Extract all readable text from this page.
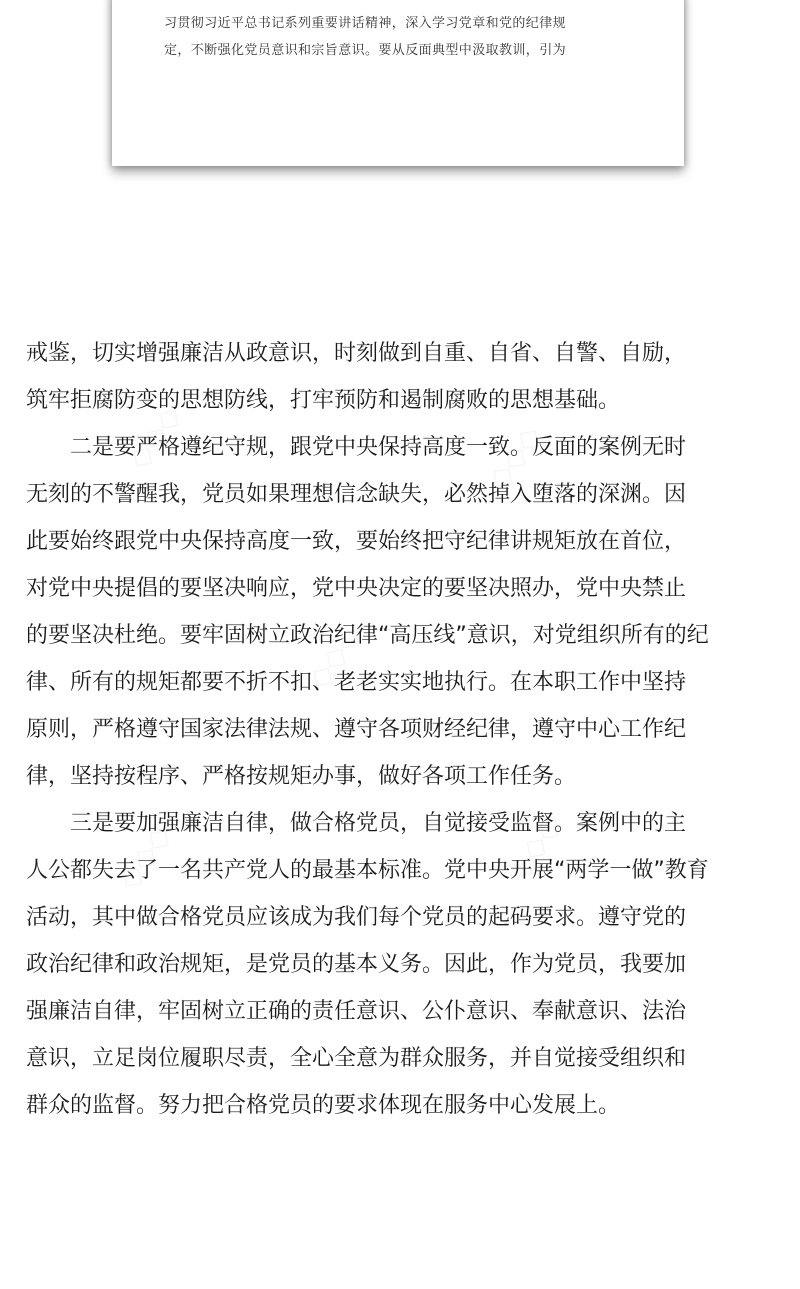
习贯彻习近平总书记系列重要讲话精神，深入学习党章和党的纪律规
定，不断强化党员意识和宗旨意识。要从反面典型中汲取教训，引为
戒鉴，切实增强廉洁从政意识，时刻做到自重、自省、自警、自励，
筑牢拒腐防变的思想防线，打牢预防和遏制腐败的思想基础。
　　二是要严格遵纪守规，跟党中央保持高度一致。反面的案例无时
无刻的不警醒我，党员如果理想信念缺失，必然掉入堕落的深渊。因
此要始终跟党中央保持高度一致，要始终把守纪律讲规矩放在首位，
对党中央提倡的要坚决响应，党中央决定的要坚决照办，党中央禁止
的要坚决杜绝。要牢固树立政治纪律“高压线”意识，对党组织所有的纪
律、所有的规矩都要不折不扣、老老实实地执行。在本职工作中坚持
原则，严格遵守国家法律法规、遵守各项财经纪律，遵守中心工作纪
律，坚持按程序、严格按规矩办事，做好各项工作任务。
　　三是要加强廉洁自律，做合格党员，自觉接受监督。案例中的主
人公都失去了一名共产党人的最基本标准。党中央开展“两学一做”教育
活动，其中做合格党员应该成为我们每个党员的起码要求。遵守党的
政治纪律和政治规矩，是党员的基本义务。因此，作为党员，我要加
强廉洁自律，牢固树立正确的责任意识、公仆意识、奉献意识、法治
意识，立足岗位履职尽责，全心全意为群众服务，并自觉接受组织和
群众的监督。努力把合格党员的要求体现在服务中心发展上。
